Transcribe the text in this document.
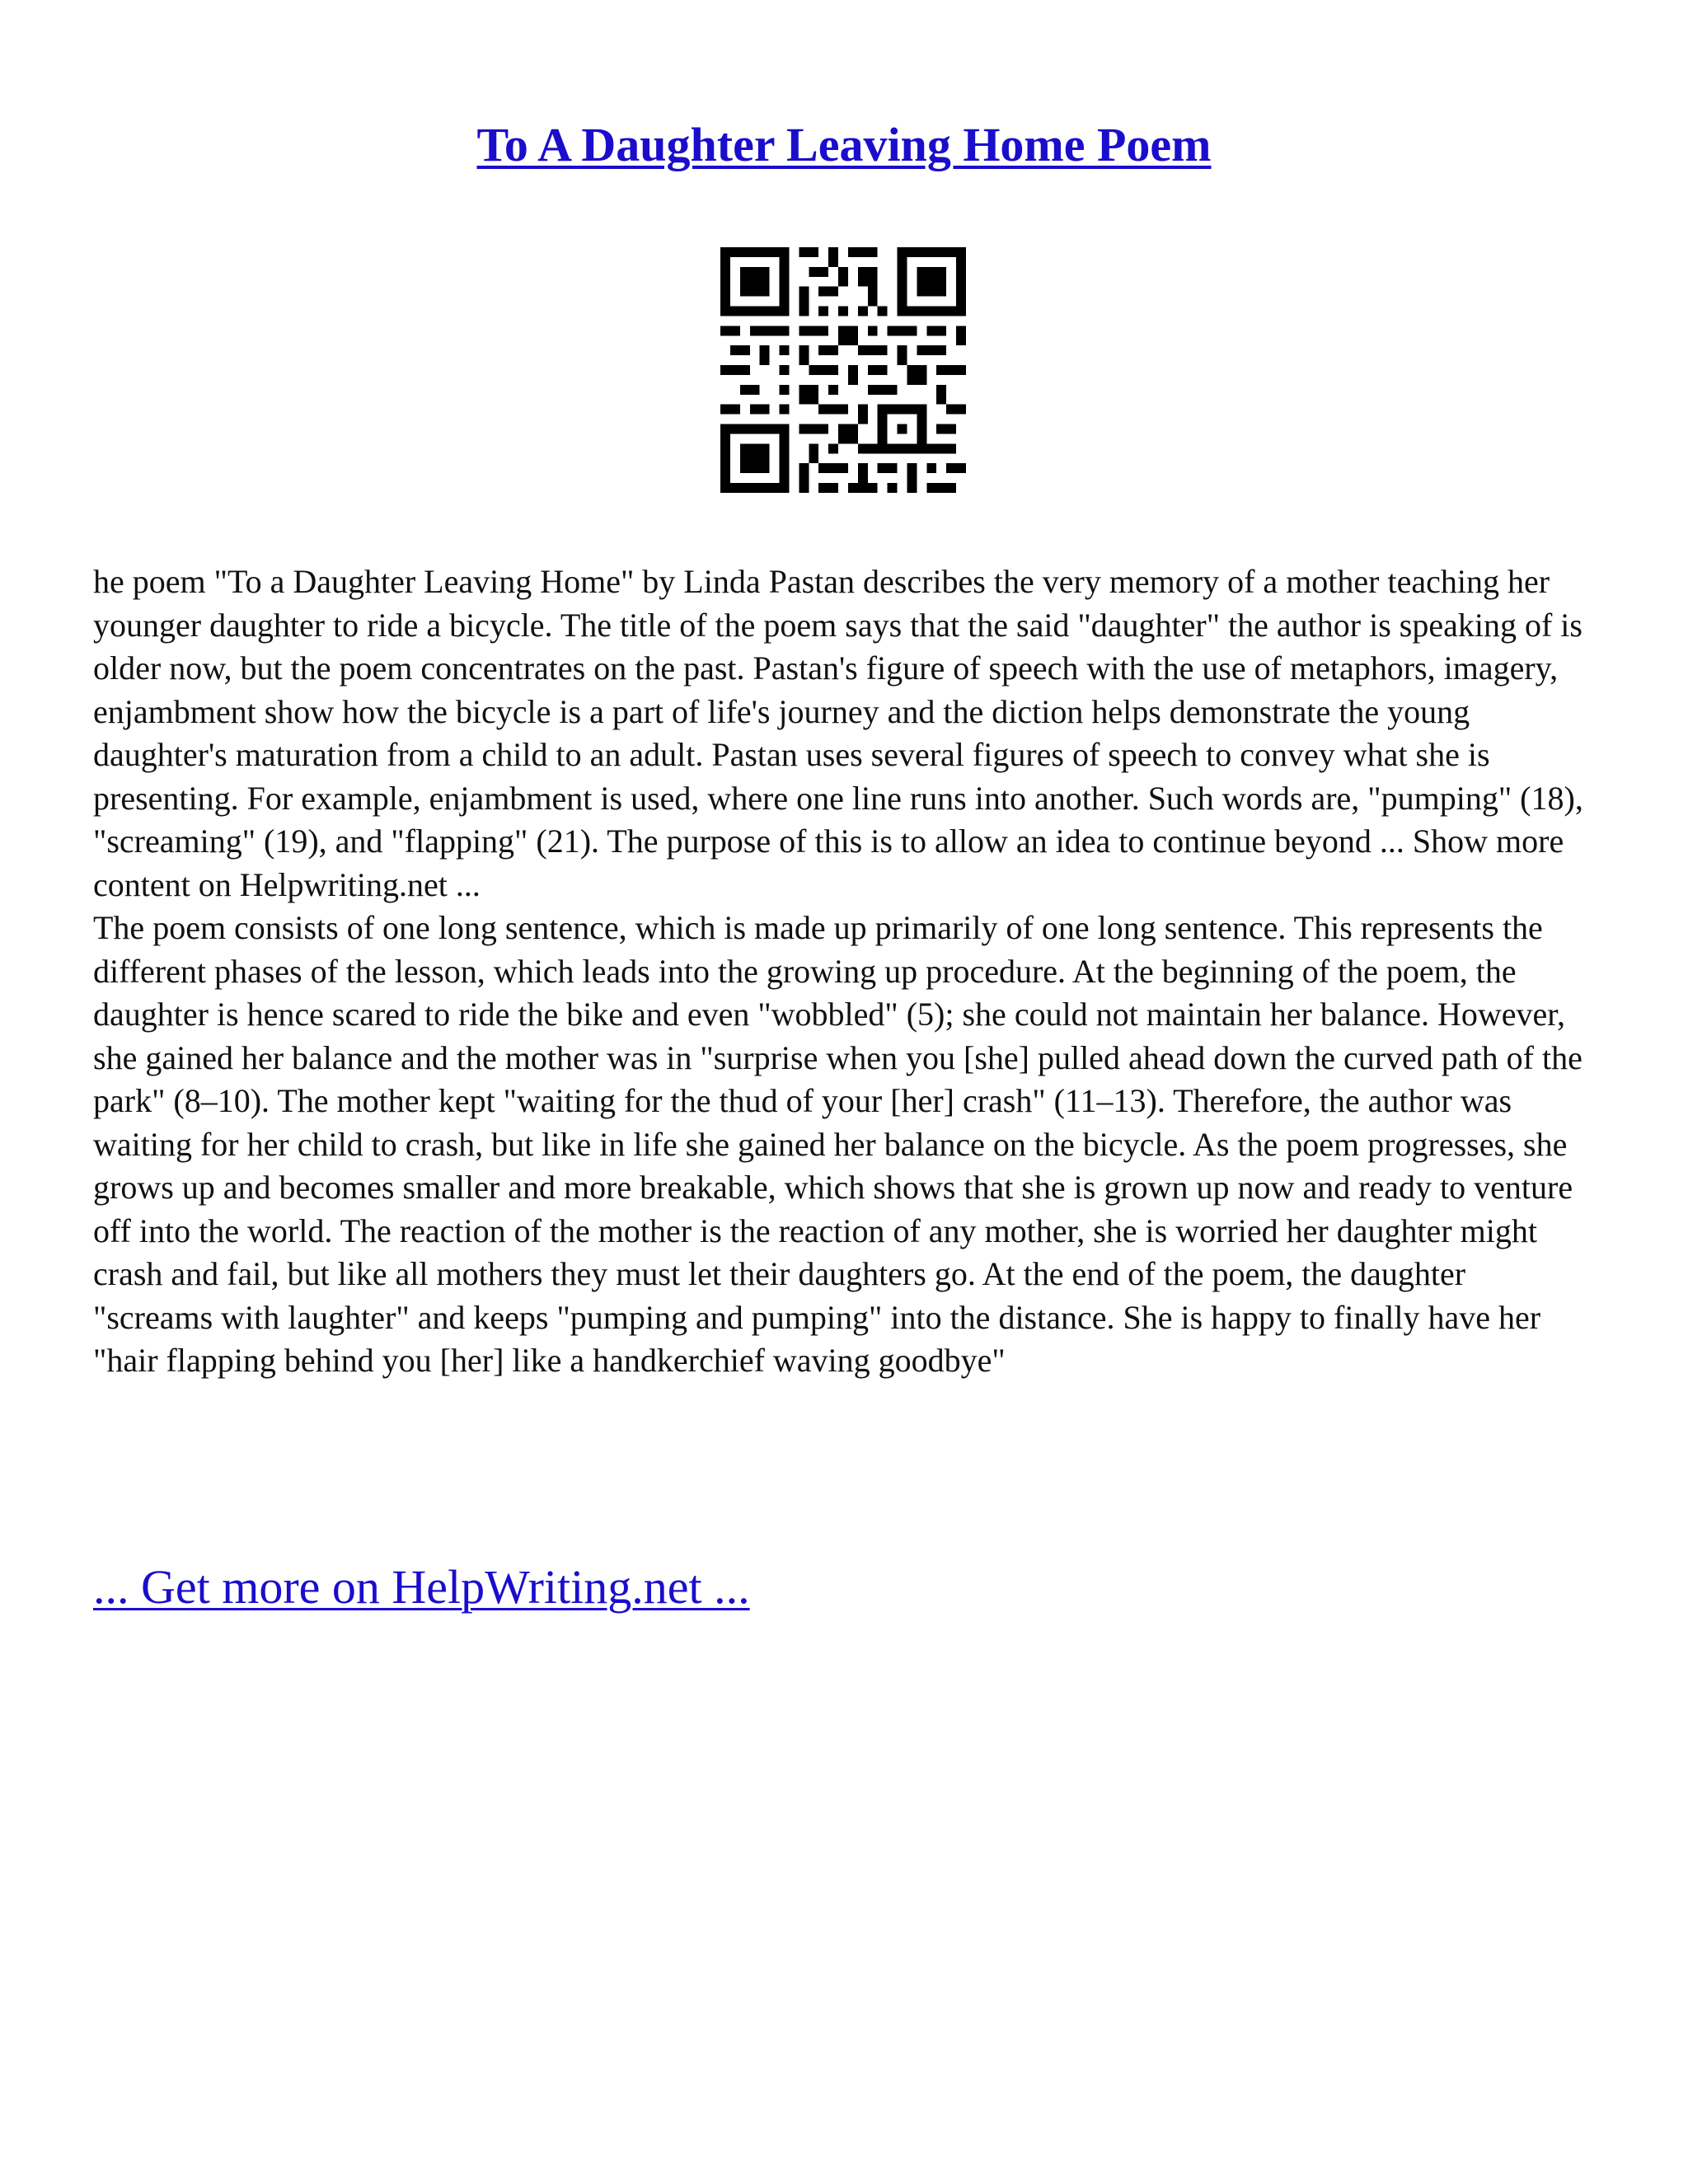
To A Daughter Leaving Home Poem

he poem "To a Daughter Leaving Home" by Linda Pastan describes the very memory of a mother teaching her younger daughter to ride a bicycle. The title of the poem says that the said "daughter" the author is speaking of is older now, but the poem concentrates on the past. Pastan's figure of speech with the use of metaphors, imagery, enjambment show how the bicycle is a part of life's journey and the diction helps demonstrate the young daughter's maturation from a child to an adult. Pastan uses several figures of speech to convey what she is presenting. For example, enjambment is used, where one line runs into another. Such words are, "pumping" (18), "screaming" (19), and "flapping" (21). The purpose of this is to allow an idea to continue beyond ... Show more content on Helpwriting.net ...

The poem consists of one long sentence, which is made up primarily of one long sentence. This represents the different phases of the lesson, which leads into the growing up procedure. At the beginning of the poem, the daughter is hence scared to ride the bike and even "wobbled" (5); she could not maintain her balance. However, she gained her balance and the mother was in "surprise when you [she] pulled ahead down the curved path of the park" (8–10). The mother kept "waiting for the thud of your [her] crash" (11–13). Therefore, the author was waiting for her child to crash, but like in life she gained her balance on the bicycle. As the poem progresses, she grows up and becomes smaller and more breakable, which shows that she is grown up now and ready to venture off into the world. The reaction of the mother is the reaction of any mother, she is worried her daughter might crash and fail, but like all mothers they must let their daughters go. At the end of the poem, the daughter "screams with laughter" and keeps "pumping and pumping" into the distance. She is happy to finally have her "hair flapping behind you [her] like a handkerchief waving goodbye"

... Get more on HelpWriting.net ...
